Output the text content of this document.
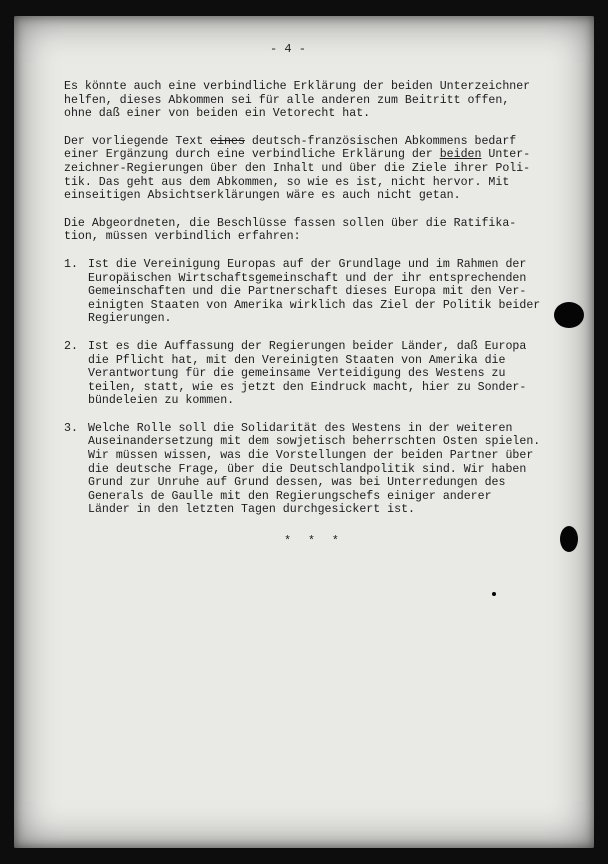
- 4 -

Es könnte auch eine verbindliche Erklärung der beiden Unterzeichner
helfen, dieses Abkommen sei für alle anderen zum Beitritt offen,
ohne daß einer von beiden ein Vetorecht hat.

Der vorliegende Text eines deutsch-französischen Abkommens bedarf
einer Ergänzung durch eine verbindliche Erklärung der beiden Unter-
zeichner-Regierungen über den Inhalt und über die Ziele ihrer Poli-
tik. Das geht aus dem Abkommen, so wie es ist, nicht hervor. Mit
einseitigen Absichtserklärungen wäre es auch nicht getan.

Die Abgeordneten, die Beschlüsse fassen sollen über die Ratifika-
tion, müssen verbindlich erfahren:

1. Ist die Vereinigung Europas auf der Grundlage und im Rahmen der
Europäischen Wirtschaftsgemeinschaft und der ihr entsprechenden
Gemeinschaften und die Partnerschaft dieses Europa mit den Ver-
einigten Staaten von Amerika wirklich das Ziel der Politik beider
Regierungen.
2. Ist es die Auffassung der Regierungen beider Länder, daß Europa
die Pflicht hat, mit den Vereinigten Staaten von Amerika die
Verantwortung für die gemeinsame Verteidigung des Westens zu
teilen, statt, wie es jetzt den Eindruck macht, hier zu Sonder-
bündeleien zu kommen.
3. Welche Rolle soll die Solidarität des Westens in der weiteren
Auseinandersetzung mit dem sowjetisch beherrschten Osten spielen.
Wir müssen wissen, was die Vorstellungen der beiden Partner über
die deutsche Frage, über die Deutschlandpolitik sind. Wir haben
Grund zur Unruhe auf Grund dessen, was bei Unterredungen des
Generals de Gaulle mit den Regierungschefs einiger anderer
Länder in den letzten Tagen durchgesickert ist.
* * *
